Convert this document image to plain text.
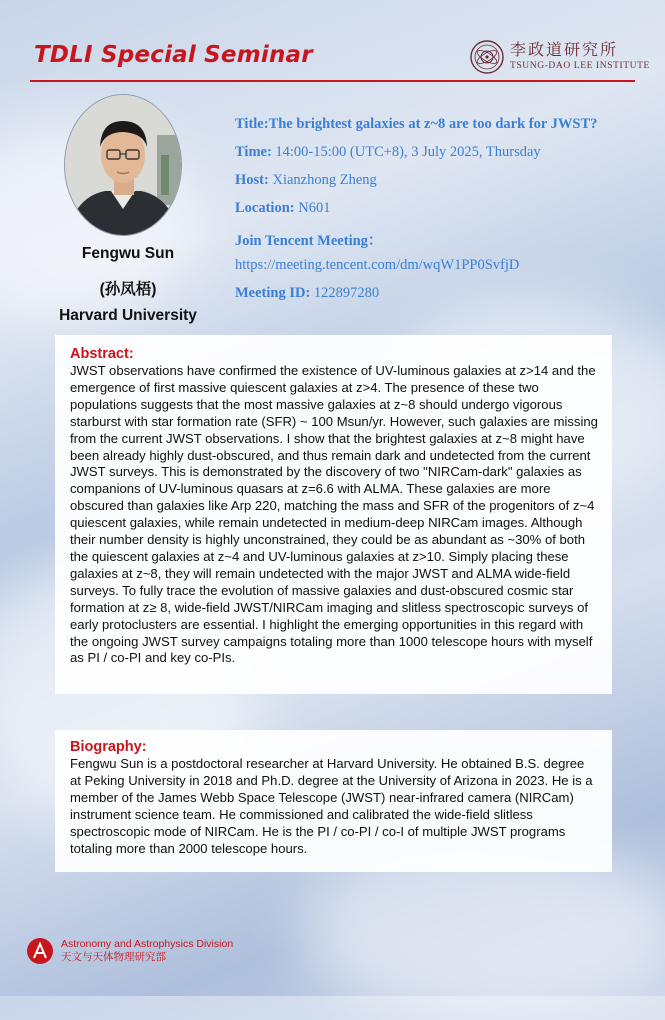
TDLI Special Seminar	李政道研究所
TSUNG-DAO LEE INSTITUTE
Fengwu Sun
(孙凤梧)
Harvard University
Title:The brightest galaxies at z~8 are too dark for JWST?
Time: 14:00-15:00 (UTC+8), 3 July 2025, Thursday
Host: Xianzhong Zheng
Location: N601
Join Tencent Meeting：
https://meeting.tencent.com/dm/wqW1PP0SvfjD
Meeting ID: 122897280

Abstract:

JWST observations have confirmed the existence of UV-luminous galaxies at z>14 and the emergence of first massive quiescent galaxies at z>4. The presence of these two populations suggests that the most massive galaxies at z~8 should undergo vigorous starburst with star formation rate (SFR) ~ 100 Msun/yr. However, such galaxies are missing from the current JWST observations. I show that the brightest galaxies at z~8 might have been already highly dust-obscured, and thus remain dark and undetected from the current JWST surveys. This is demonstrated by the discovery of two "NIRCam-dark" galaxies as companions of UV-luminous quasars at z=6.6 with ALMA. These galaxies are more obscured than galaxies like Arp 220, matching the mass and SFR of the progenitors of z~4 quiescent galaxies, while remain undetected in medium-deep NIRCam images. Although their number density is highly unconstrained, they could be as abundant as ~30% of both the quiescent galaxies at z~4 and UV-luminous galaxies at z>10. Simply placing these galaxies at z~8, they will remain undetected with the major JWST and ALMA wide-field surveys. To fully trace the evolution of massive galaxies and dust-obscured cosmic star formation at z≥ 8, wide-field JWST/NIRCam imaging and slitless spectroscopic surveys of early protoclusters are essential. I highlight the emerging opportunities in this regard with the ongoing JWST survey campaigns totaling more than 1000 telescope hours with myself as PI / co-PI and key co-PIs.

Biography:

Fengwu Sun is a postdoctoral researcher at Harvard University. He obtained B.S. degree at Peking University in 2018 and Ph.D. degree at the University of Arizona in 2023. He is a member of the James Webb Space Telescope (JWST) near-infrared camera (NIRCam) instrument science team. He commissioned and calibrated the wide-field slitless spectroscopic mode of NIRCam. He is the PI / co-PI / co-I of multiple JWST programs totaling more than 2000 telescope hours.

Astronomy and Astrophysics Division
天文与天体物理研究部
